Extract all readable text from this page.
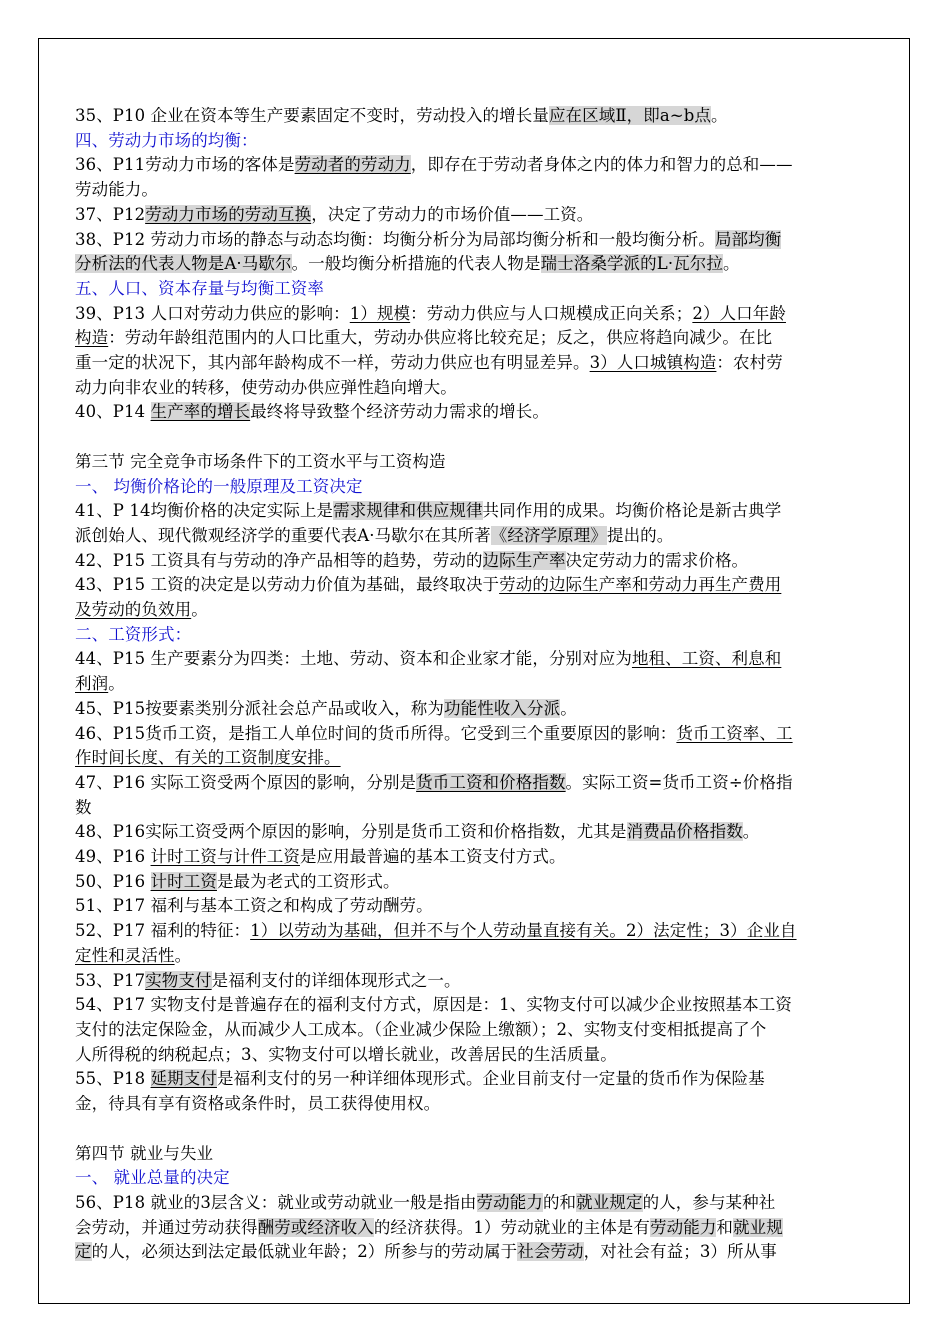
35、P10 企业在资本等生产要素固定不变时，劳动投入的增长量应在区域Ⅱ，即a~b点。
四、劳动力市场的均衡：
36、P11劳动力市场的客体是劳动者的劳动力，即存在于劳动者身体之内的体力和智力的总和——
劳动能力。
37、P12劳动力市场的劳动互换，决定了劳动力的市场价值——工资。
38、P12 劳动力市场的静态与动态均衡：均衡分析分为局部均衡分析和一般均衡分析。局部均衡
分析法的代表人物是A·马歇尔。一般均衡分析措施的代表人物是瑞士洛桑学派的L·瓦尔拉。
五、人口、资本存量与均衡工资率
39、P13 人口对劳动力供应的影响：1）规模：劳动力供应与人口规模成正向关系；2）人口年龄
构造：劳动年龄组范围内的人口比重大，劳动办供应将比较充足；反之，供应将趋向减少。在比
重一定的状况下，其内部年龄构成不一样，劳动力供应也有明显差异。3）人口城镇构造：农村劳
动力向非农业的转移，使劳动办供应弹性趋向增大。
40、P14 生产率的增长最终将导致整个经济劳动力需求的增长。
第三节 完全竞争市场条件下的工资水平与工资构造
一、 均衡价格论的一般原理及工资决定
41、P 14均衡价格的决定实际上是需求规律和供应规律共同作用的成果。均衡价格论是新古典学
派创始人、现代微观经济学的重要代表A·马歇尔在其所著《经济学原理》提出的。
42、P15 工资具有与劳动的净产品相等的趋势，劳动的边际生产率决定劳动力的需求价格。
43、P15 工资的决定是以劳动力价值为基础，最终取决于劳动的边际生产率和劳动力再生产费用
及劳动的负效用。
二、工资形式：
44、P15 生产要素分为四类：土地、劳动、资本和企业家才能，分别对应为地租、工资、利息和
利润。
45、P15按要素类别分派社会总产品或收入，称为功能性收入分派。
46、P15货币工资，是指工人单位时间的货币所得。它受到三个重要原因的影响：货币工资率、工
作时间长度、有关的工资制度安排。
47、P16 实际工资受两个原因的影响，分别是货币工资和价格指数。实际工资=货币工资÷价格指
数
48、P16实际工资受两个原因的影响，分别是货币工资和价格指数，尤其是消费品价格指数。
49、P16 计时工资与计件工资是应用最普遍的基本工资支付方式。
50、P16 计时工资是最为老式的工资形式。
51、P17 福利与基本工资之和构成了劳动酬劳。
52、P17 福利的特征：1）以劳动为基础，但并不与个人劳动量直接有关。2）法定性；3）企业自
定性和灵活性。
53、P17实物支付是福利支付的详细体现形式之一。
54、P17 实物支付是普遍存在的福利支付方式，原因是：1、实物支付可以减少企业按照基本工资
支付的法定保险金，从而减少人工成本。（企业减少保险上缴额）；2、实物支付变相抵提高了个
人所得税的纳税起点；3、实物支付可以增长就业，改善居民的生活质量。
55、P18 延期支付是福利支付的另一种详细体现形式。企业目前支付一定量的货币作为保险基
金，待具有享有资格或条件时，员工获得使用权。
第四节 就业与失业
一、 就业总量的决定
56、P18 就业的3层含义：就业或劳动就业一般是指由劳动能力的和就业规定的人，参与某种社
会劳动，并通过劳动获得酬劳或经济收入的经济获得。1）劳动就业的主体是有劳动能力和就业规
定的人，必须达到法定最低就业年龄；2）所参与的劳动属于社会劳动，对社会有益；3）所从事
